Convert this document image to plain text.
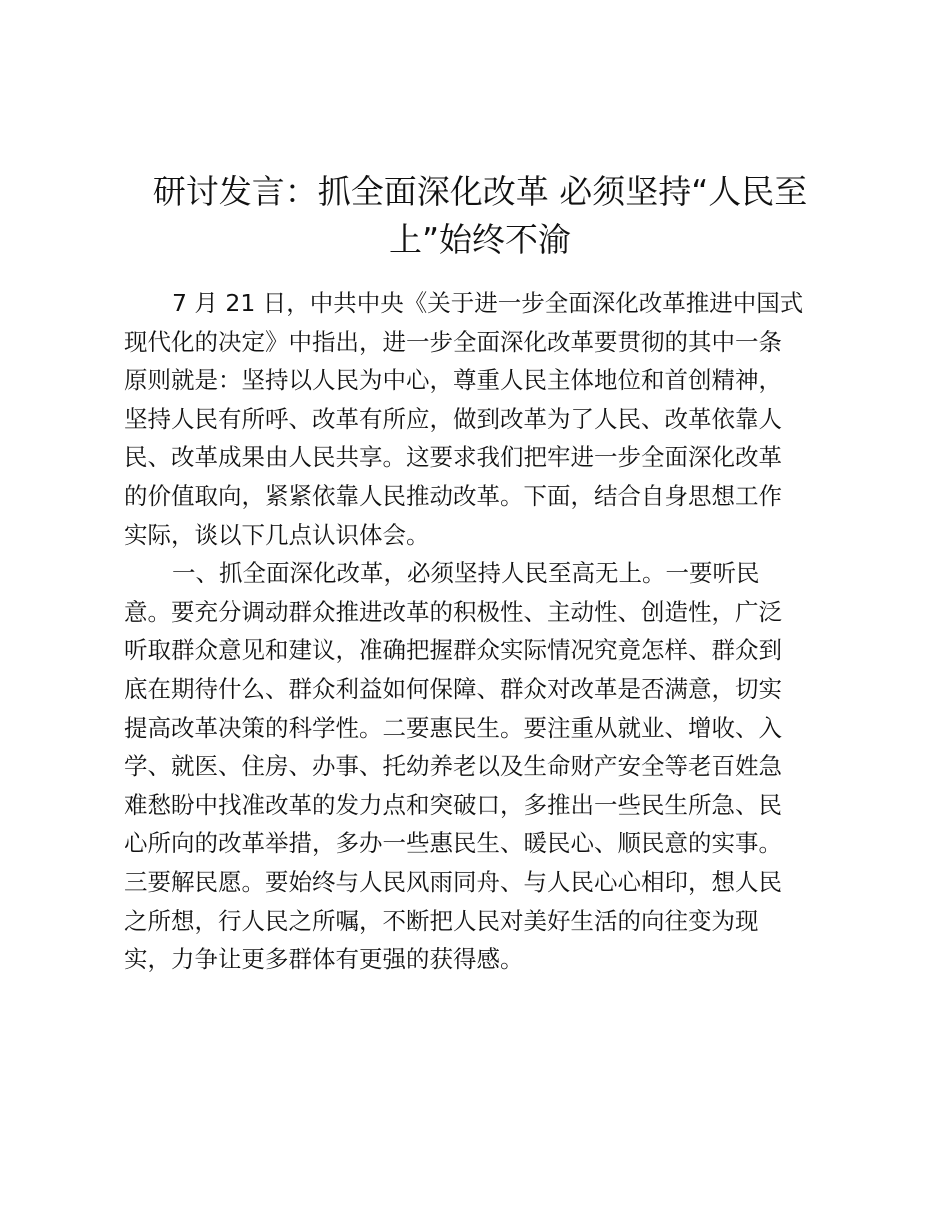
研讨发言：抓全面深化改革 必须坚持“人民至
上”始终不渝

7 月 21 日，中共中央《关于进一步全面深化改革推进中国式
现代化的决定》中指出，进一步全面深化改革要贯彻的其中一条
原则就是：坚持以人民为中心，尊重人民主体地位和首创精神，
坚持人民有所呼、改革有所应，做到改革为了人民、改革依靠人
民、改革成果由人民共享。这要求我们把牢进一步全面深化改革
的价值取向，紧紧依靠人民推动改革。下面，结合自身思想工作
实际，谈以下几点认识体会。

一、抓全面深化改革，必须坚持人民至高无上。一要听民
意。要充分调动群众推进改革的积极性、主动性、创造性，广泛
听取群众意见和建议，准确把握群众实际情况究竟怎样、群众到
底在期待什么、群众利益如何保障、群众对改革是否满意，切实
提高改革决策的科学性。二要惠民生。要注重从就业、增收、入
学、就医、住房、办事、托幼养老以及生命财产安全等老百姓急
难愁盼中找准改革的发力点和突破口，多推出一些民生所急、民
心所向的改革举措，多办一些惠民生、暖民心、顺民意的实事。
三要解民愿。要始终与人民风雨同舟、与人民心心相印，想人民
之所想，行人民之所嘱，不断把人民对美好生活的向往变为现
实，力争让更多群体有更强的获得感。
